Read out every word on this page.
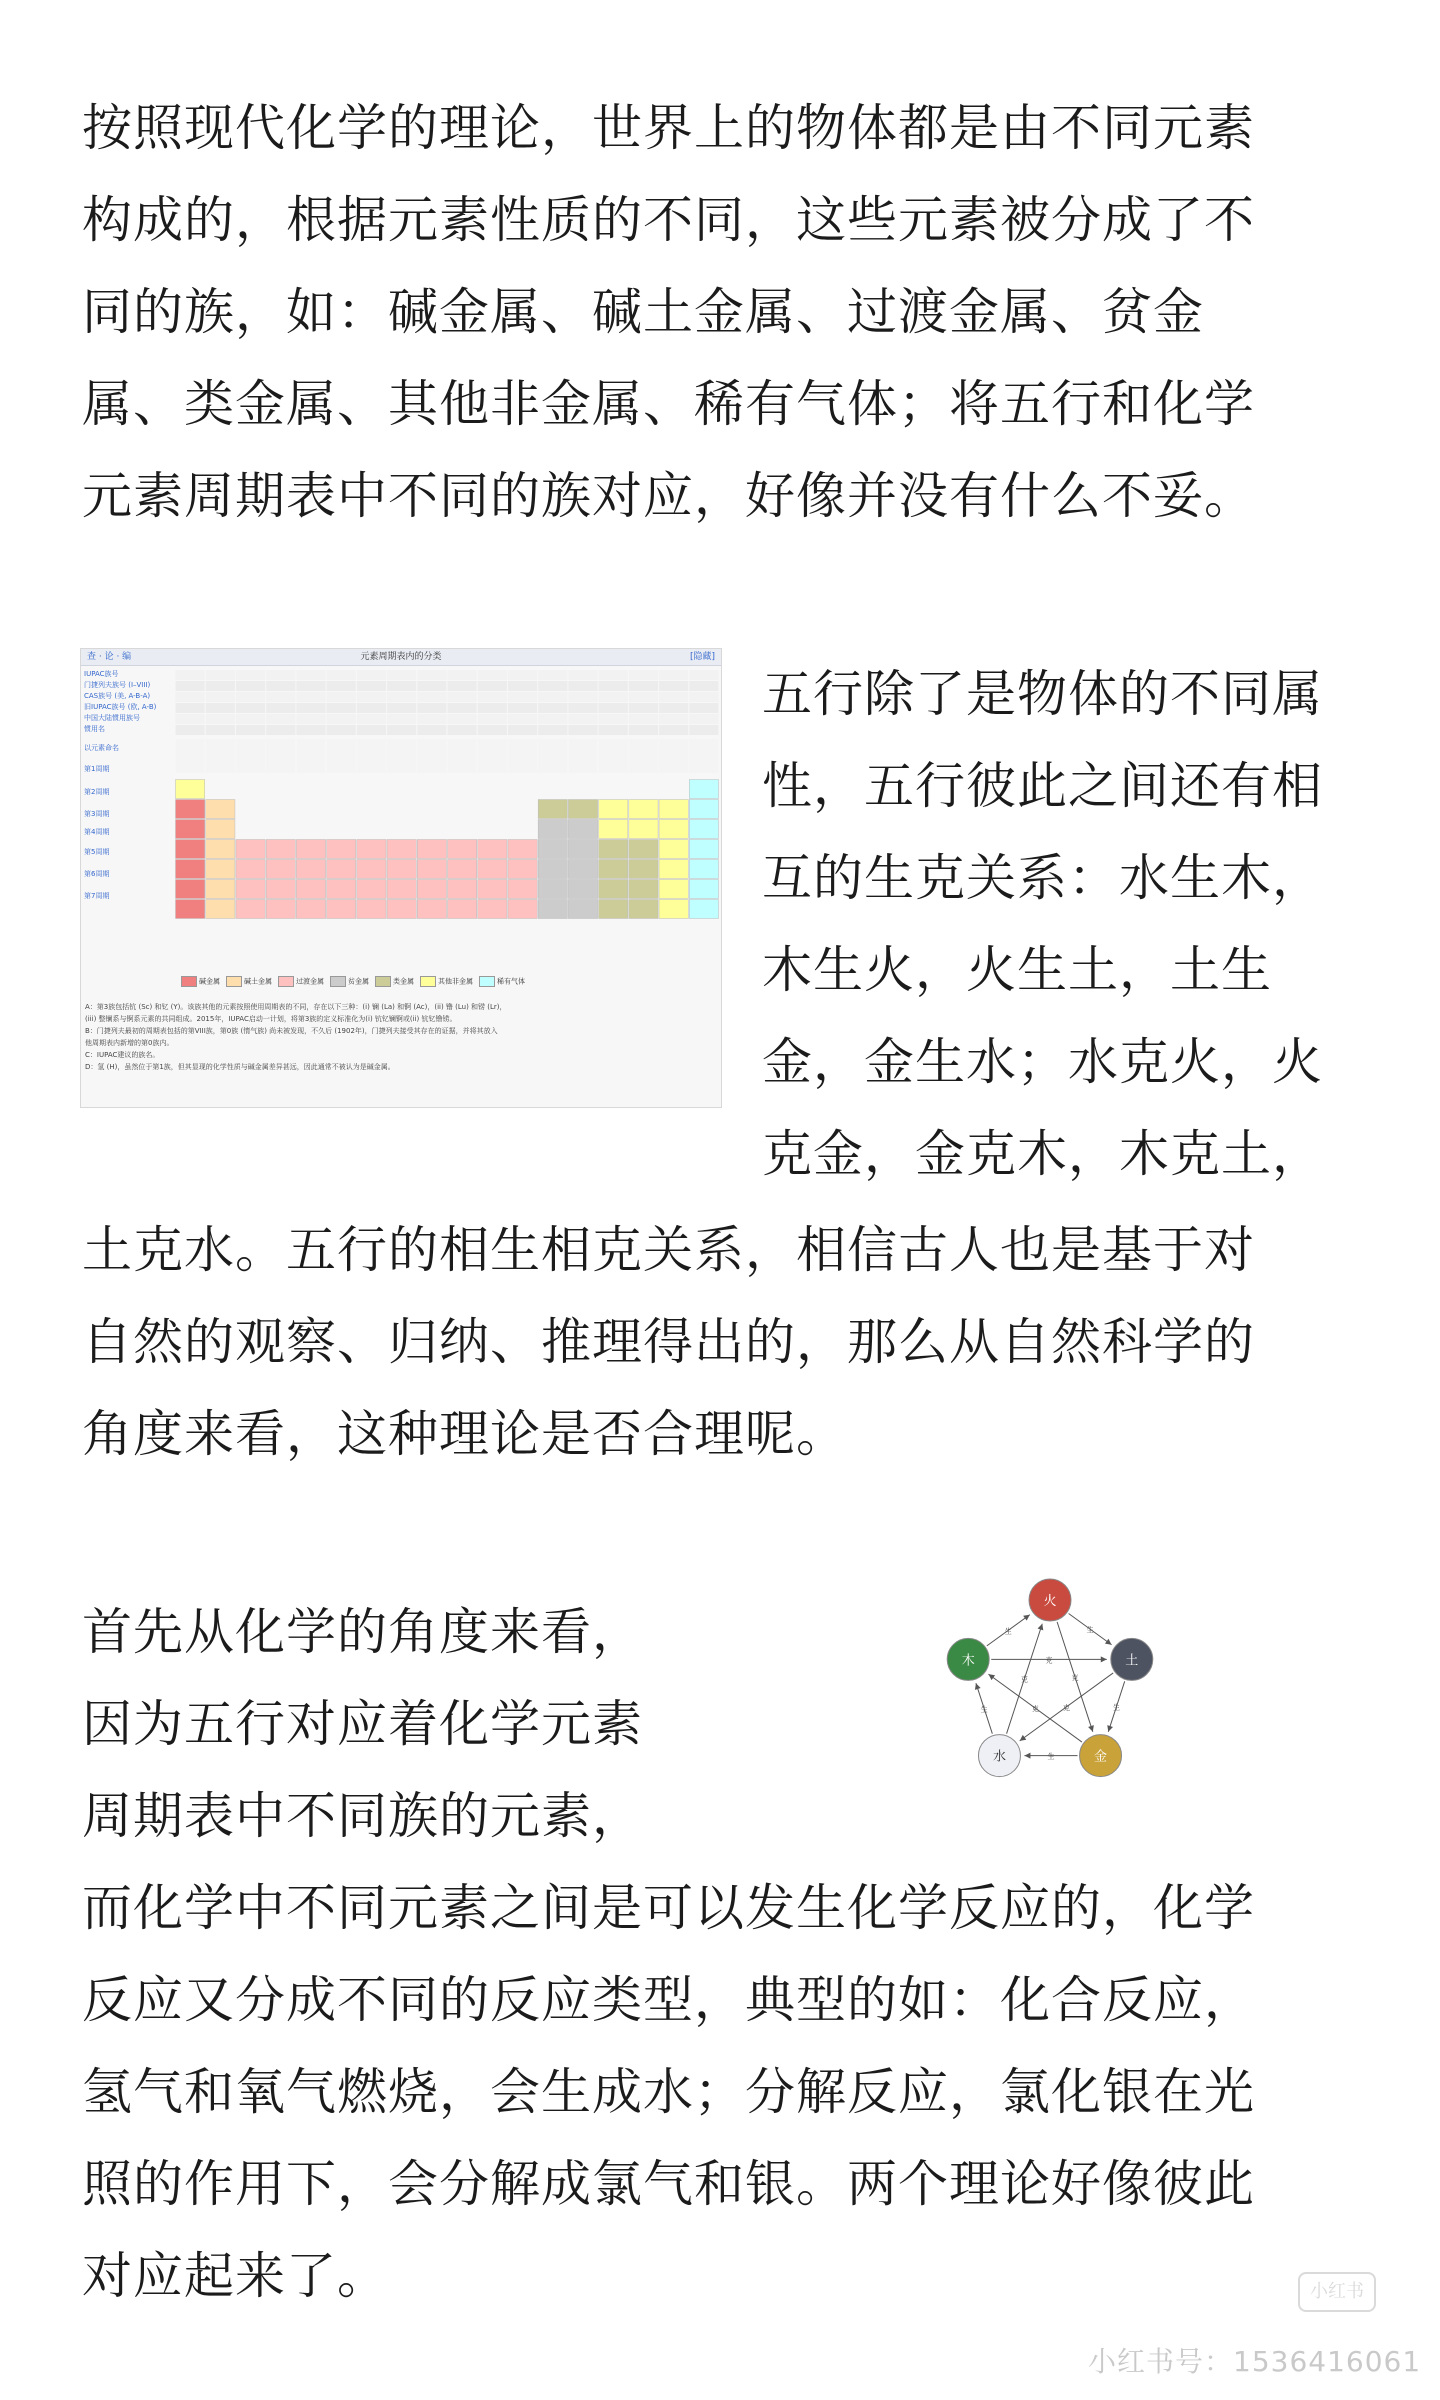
按照现代化学的理论，世界上的物体都是由不同元素
构成的，根据元素性质的不同，这些元素被分成了不
同的族，如：碱金属、碱土金属、过渡金属、贫金
属、类金属、其他非金属、稀有气体；将五行和化学
元素周期表中不同的族对应，好像并没有什么不妥。
查 · 论 · 编	元素周期表内的分类	[隐藏]
IUPAC族号
门捷列夫族号 (I–VIII)
CAS族号 (美, A-B-A)
旧IUPAC族号 (欧, A-B)
中国大陆惯用族号
惯用名
以元素命名
第1周期
第2周期
第3周期
第4周期
第5周期
第6周期
第7周期
碱金属	碱土金属	过渡金属	贫金属	类金属	其他非金属	稀有气体
A：第3族包括钪 (Sc) 和钇 (Y)。该族其他的元素按照使用周期表的不同，存在以下三种：(i) 镧 (La) 和锕 (Ac)，(ii) 镥 (Lu) 和铹 (Lr)，
(iii) 整镧系与锕系元素的共同组成。2015年，IUPAC启动一计划，将第3族的定义标准化为(i) 钪钇镧锕或(ii) 钪钇镥铹。
B：门捷列夫最初的周期表包括的第VIII族，第0族 (惰气族) 尚未被发现，不久后 (1902年)，门捷列夫接受其存在的证据，并将其放入
他周期表内新增的第0族内。
C：IUPAC建议的族名。
D：氢 (H)，虽然位于第1族，但其显现的化学性质与碱金属差异甚远，因此通常不被认为是碱金属。
五行除了是物体的不同属
性，五行彼此之间还有相
互的生克关系：水生木，
木生火，火生土，土生
金，金生水；水克火，火
克金，金克木，木克土，
土克水。五行的相生相克关系，相信古人也是基于对
自然的观察、归纳、推理得出的，那么从自然科学的
角度来看，这种理论是否合理呢。
首先从化学的角度来看，
因为五行对应着化学元素
周期表中不同族的元素，
生
生
生
生
生
克
克
克
克
克
火
土
金
水
木
而化学中不同元素之间是可以发生化学反应的，化学
反应又分成不同的反应类型，典型的如：化合反应，
氢气和氧气燃烧，会生成水；分解反应，氯化银在光
照的作用下，会分解成氯气和银。两个理论好像彼此
对应起来了。	小红书
小红书号：1536416061
